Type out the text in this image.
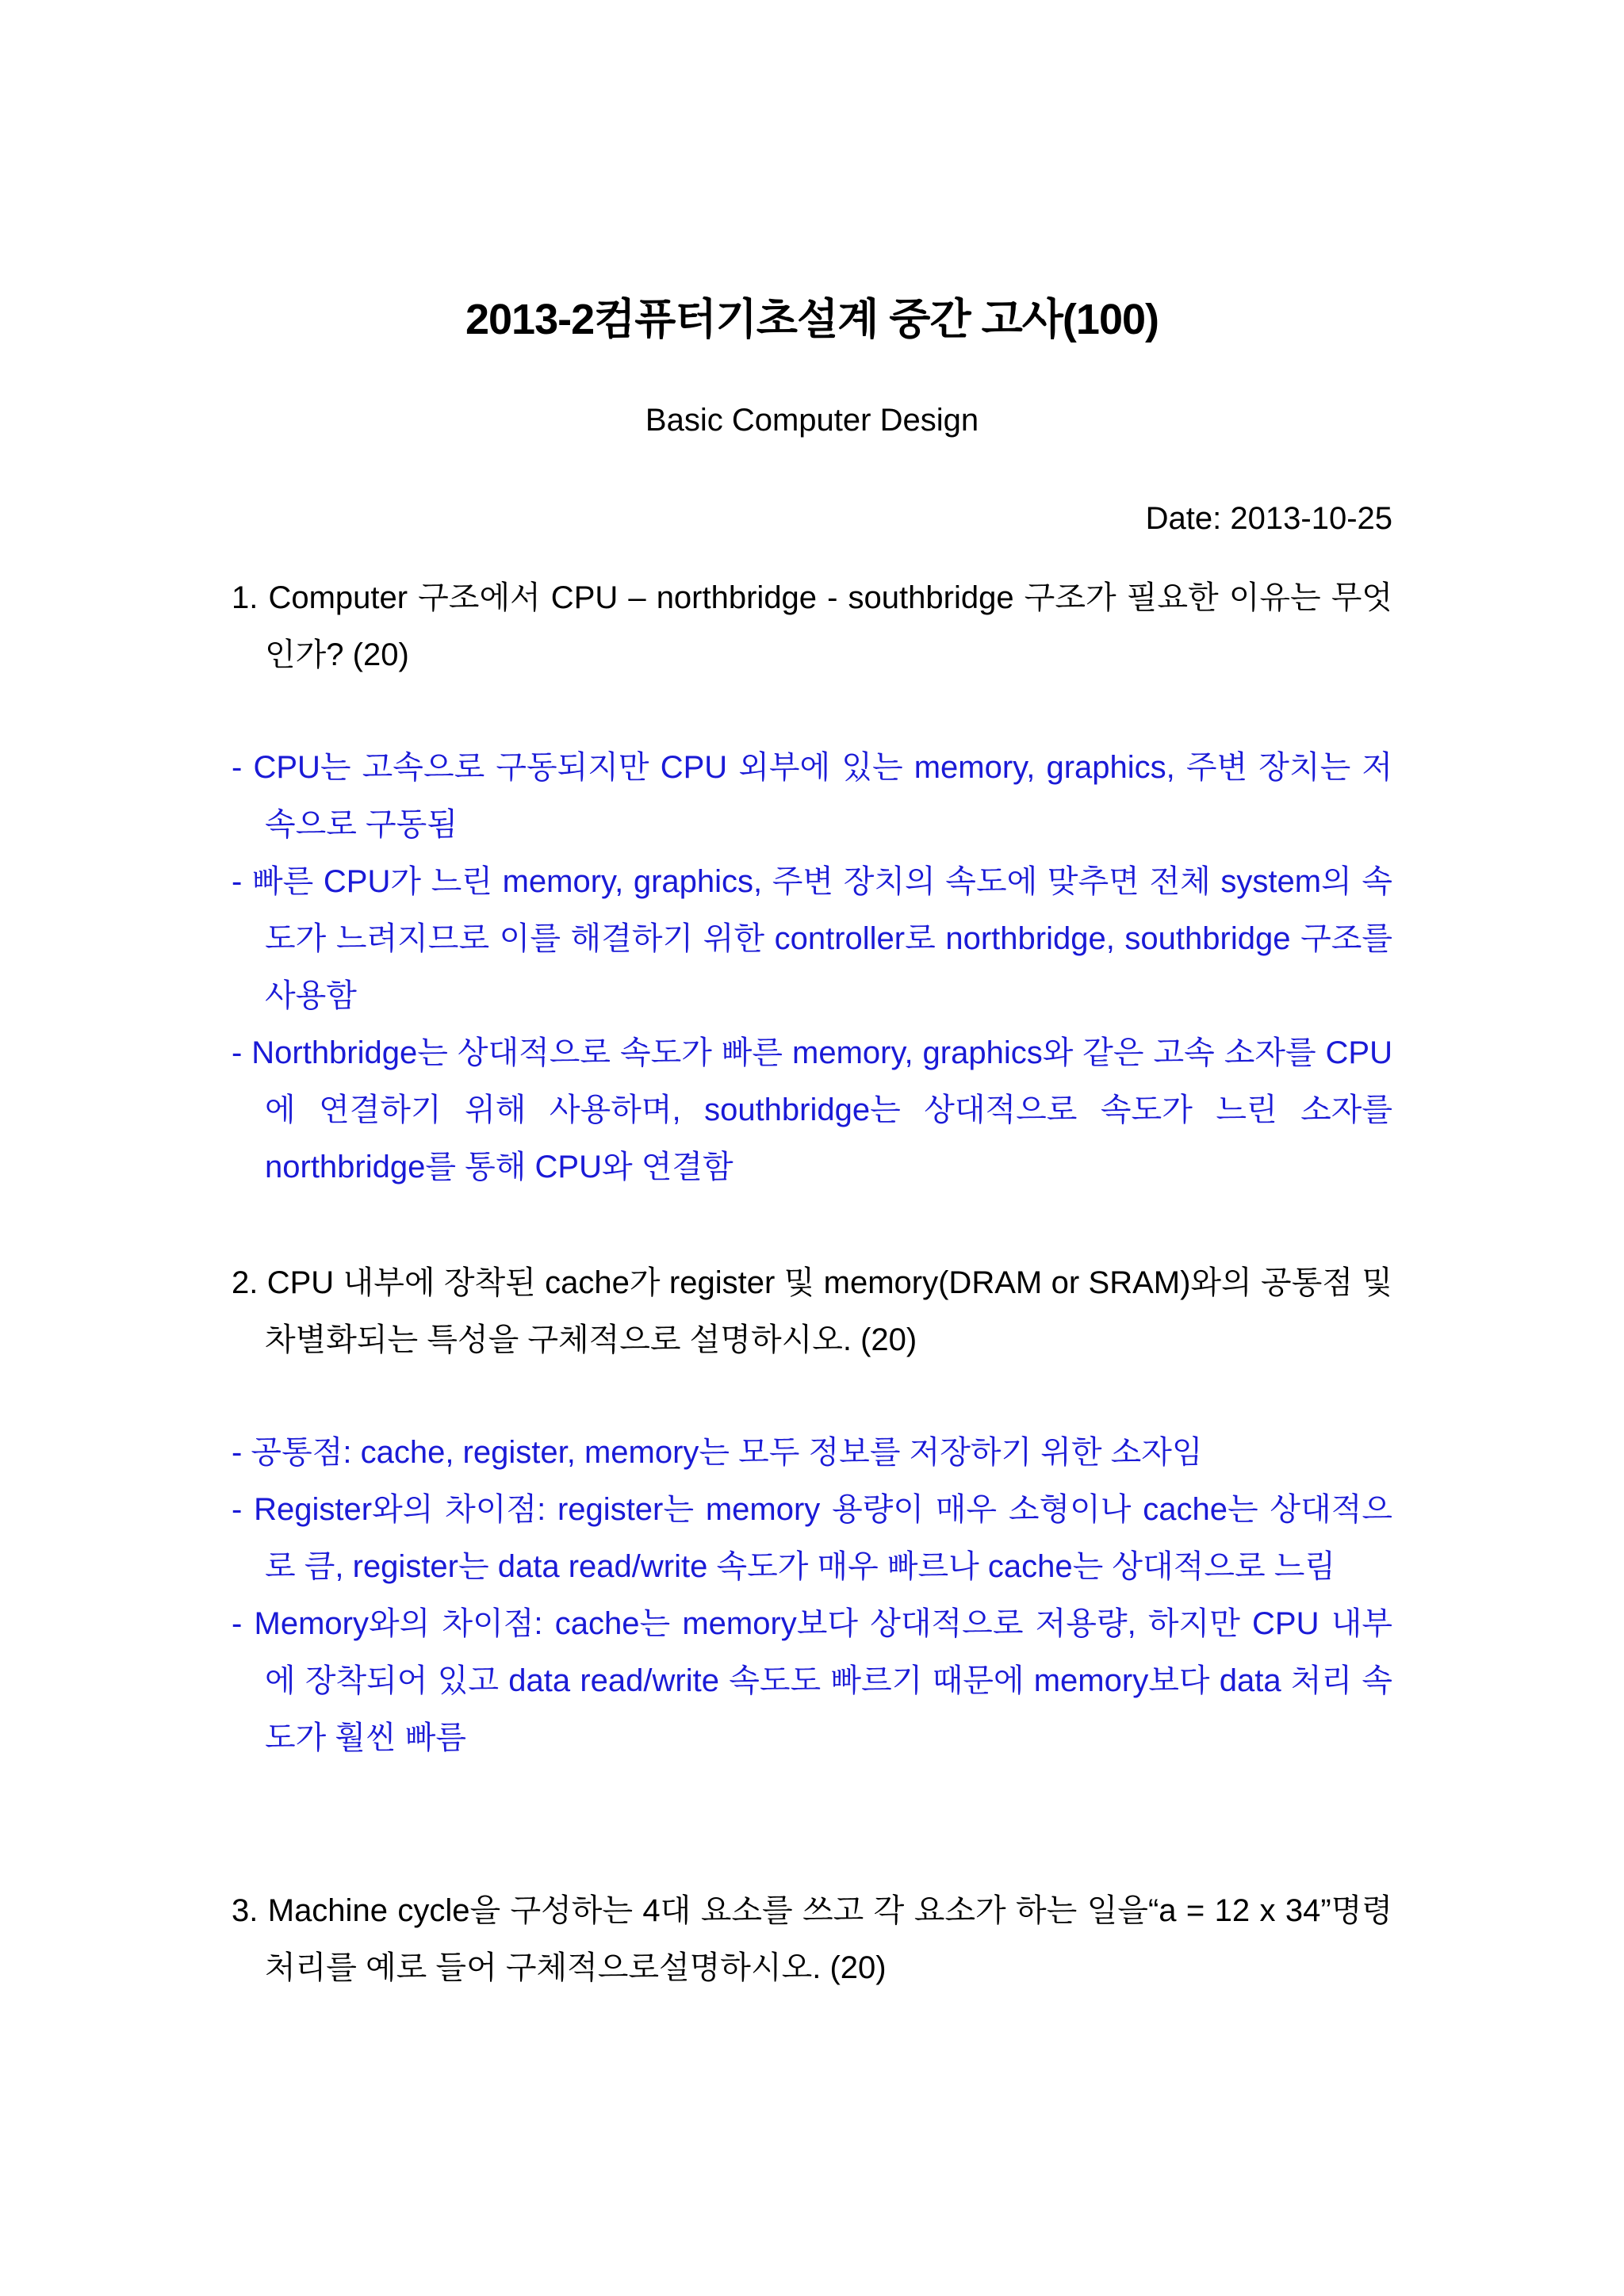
2013-2컴퓨터기초설계 중간 고사(100)
Basic Computer Design
Date: 2013-10-25
1. Computer 구조에서 CPU – northbridge - southbridge 구조가 필요한 이유는 무엇인가? (20)
- CPU는 고속으로 구동되지만 CPU 외부에 있는 memory, graphics, 주변 장치는 저속으로 구동됨
- 빠른 CPU가 느린 memory, graphics, 주변 장치의 속도에 맞추면 전체 system의 속도가 느려지므로 이를 해결하기 위한 controller로 northbridge, southbridge 구조를 사용함
- Northbridge는 상대적으로 속도가 빠른 memory, graphics와 같은 고속 소자를 CPU에 연결하기 위해 사용하며, southbridge는 상대적으로 속도가 느린 소자를 northbridge를 통해 CPU와 연결함
2. CPU 내부에 장착된 cache가 register 및 memory(DRAM or SRAM)와의 공통점 및 차별화되는 특성을 구체적으로 설명하시오. (20)
- 공통점: cache, register, memory는 모두 정보를 저장하기 위한 소자임
- Register와의 차이점: register는 memory 용량이 매우 소형이나 cache는 상대적으로 큼, register는 data read/write 속도가 매우 빠르나 cache는 상대적으로 느림
- Memory와의 차이점: cache는 memory보다 상대적으로 저용량, 하지만 CPU 내부에 장착되어 있고 data read/write 속도도 빠르기 때문에 memory보다 data 처리 속도가 훨씬 빠름
3. Machine cycle을 구성하는 4대 요소를 쓰고 각 요소가 하는 일을“a = 12 x 34”명령 처리를 예로 들어 구체적으로설명하시오. (20)
